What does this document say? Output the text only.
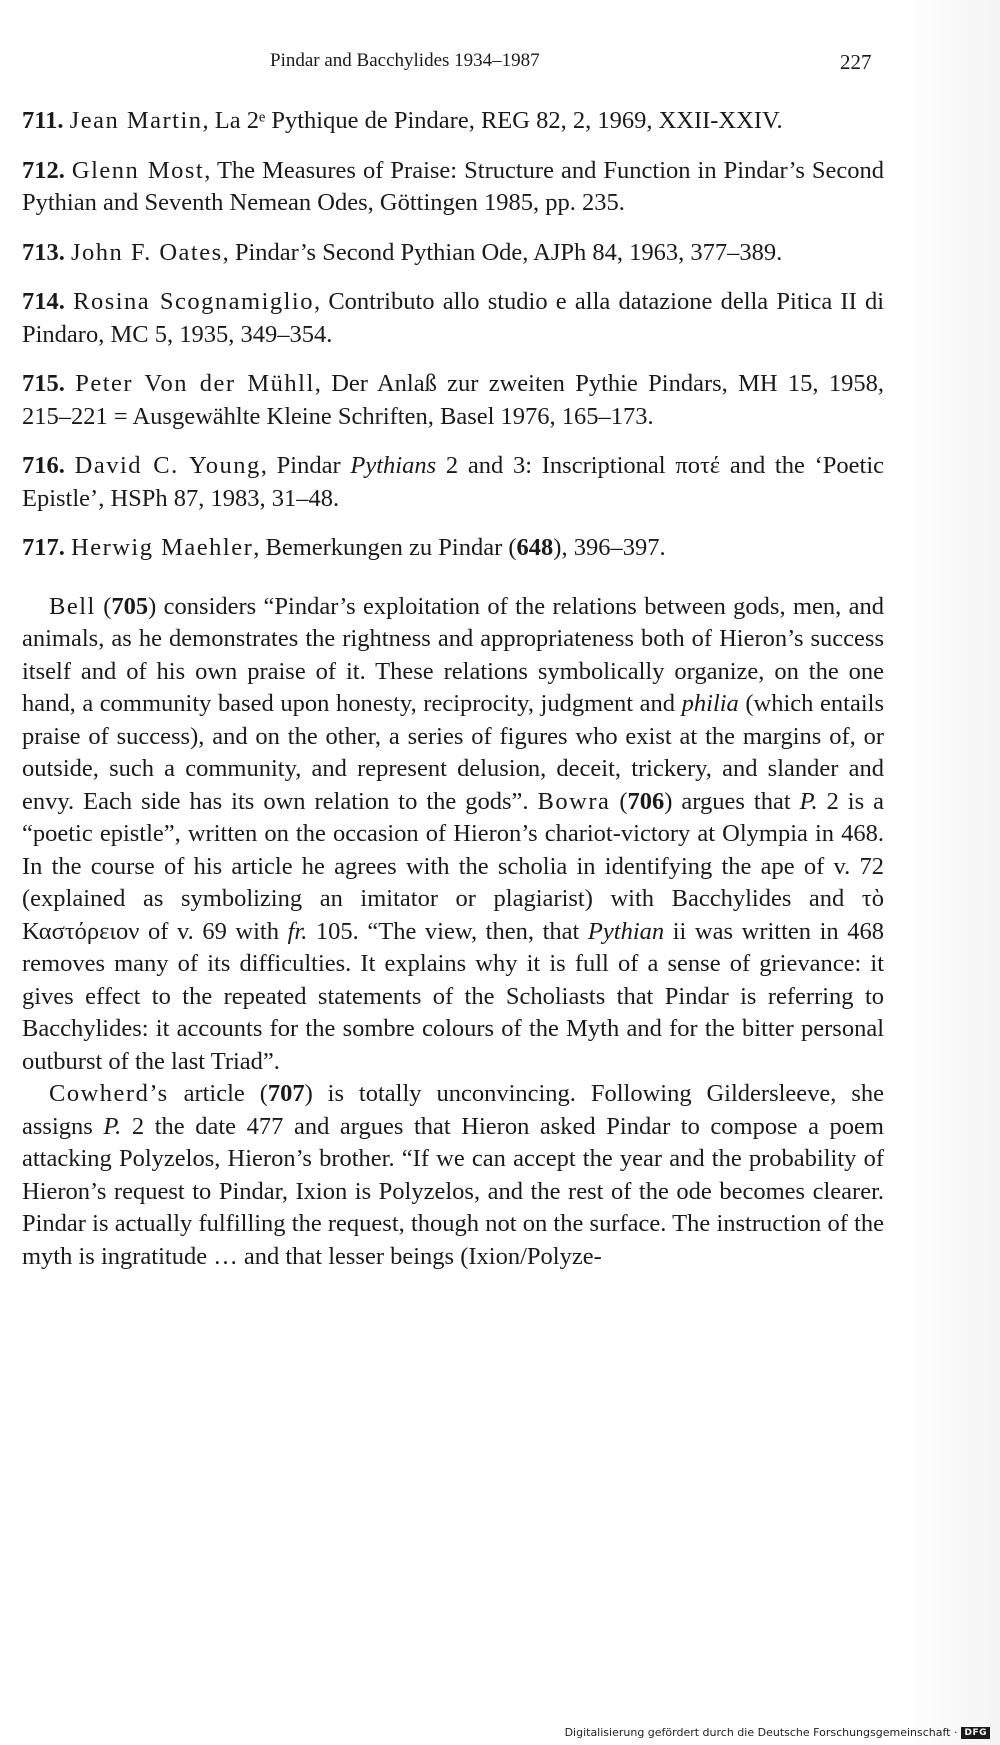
Pindar and Bacchylides 1934–1987	227

711. Jean Martin, La 2ᵉ Pythique de Pindare, REG 82, 2, 1969, XXII-XXIV.

712. Glenn Most, The Measures of Praise: Structure and Function in Pindar’s Second Pythian and Seventh Nemean Odes, Göttingen 1985, pp. 235.

713. John F. Oates, Pindar’s Second Pythian Ode, AJPh 84, 1963, 377–389.

714. Rosina Scognamiglio, Contributo allo studio e alla datazione della Pitica II di Pindaro, MC 5, 1935, 349–354.

715. Peter Von der Mühll, Der Anlaß zur zweiten Pythie Pindars, MH 15, 1958, 215–221 = Ausgewählte Kleine Schriften, Basel 1976, 165–173.

716. David C. Young, Pindar Pythians 2 and 3: Inscriptional ποτέ and the ‘Poetic Epistle’, HSPh 87, 1983, 31–48.

717. Herwig Maehler, Bemerkungen zu Pindar (648), 396–397.

Bell (705) considers “Pindar’s exploitation of the relations between gods, men, and animals, as he demonstrates the rightness and appropriateness both of Hieron’s success itself and of his own praise of it. These relations symbolically organize, on the one hand, a community based upon honesty, reciprocity, judgment and philia (which entails praise of success), and on the other, a series of figures who exist at the margins of, or outside, such a community, and represent delusion, deceit, trickery, and slander and envy. Each side has its own relation to the gods”. Bowra (706) argues that P. 2 is a “poetic epistle”, written on the occasion of Hieron’s chariot-victory at Olympia in 468. In the course of his article he agrees with the scholia in identifying the ape of v. 72 (explained as symbolizing an imitator or plagiarist) with Bacchylides and τὸ Καστόρειον of v. 69 with fr. 105. “The view, then, that Pythian ii was written in 468 removes many of its difficulties. It explains why it is full of a sense of grievance: it gives effect to the repeated statements of the Scholiasts that Pindar is referring to Bacchylides: it accounts for the sombre colours of the Myth and for the bitter personal outburst of the last Triad”.

Cowherd’s article (707) is totally unconvincing. Following Gildersleeve, she assigns P. 2 the date 477 and argues that Hieron asked Pindar to compose a poem attacking Polyzelos, Hieron’s brother. “If we can accept the year and the probability of Hieron’s request to Pindar, Ixion is Polyzelos, and the rest of the ode becomes clearer. Pindar is actually fulfilling the request, though not on the surface. The instruction of the myth is ingratitude … and that lesser beings (Ixion/Polyze-

Digitalisierung gefördert durch die Deutsche Forschungsgemeinschaft · DFG
